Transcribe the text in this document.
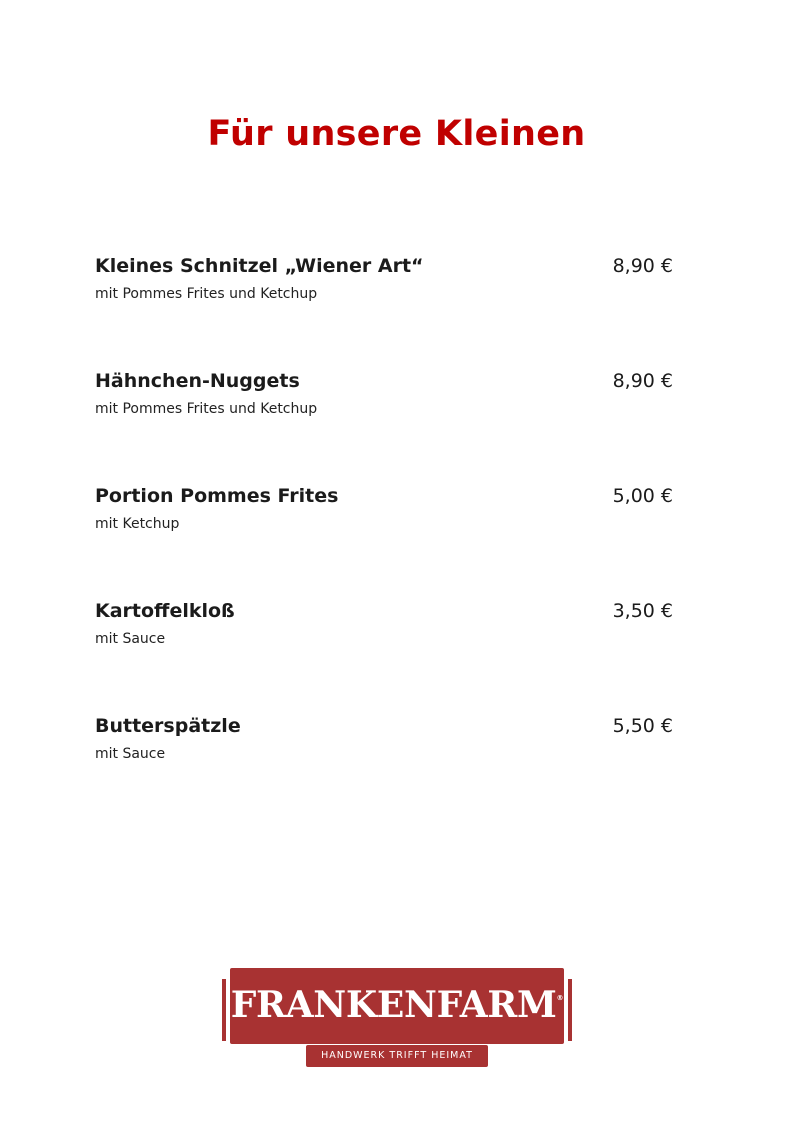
Für unsere Kleinen
Kleines Schnitzel „Wiener Art“
mit Pommes Frites und Ketchup
8,90 €
Hähnchen-Nuggets
mit Pommes Frites und Ketchup
8,90 €
Portion Pommes Frites
mit Ketchup
5,00 €
Kartoffelkloß
mit Sauce
3,50 €
Butterspätzle
mit Sauce
5,50 €
FRANKENFARM®
HANDWERK TRIFFT HEIMAT
